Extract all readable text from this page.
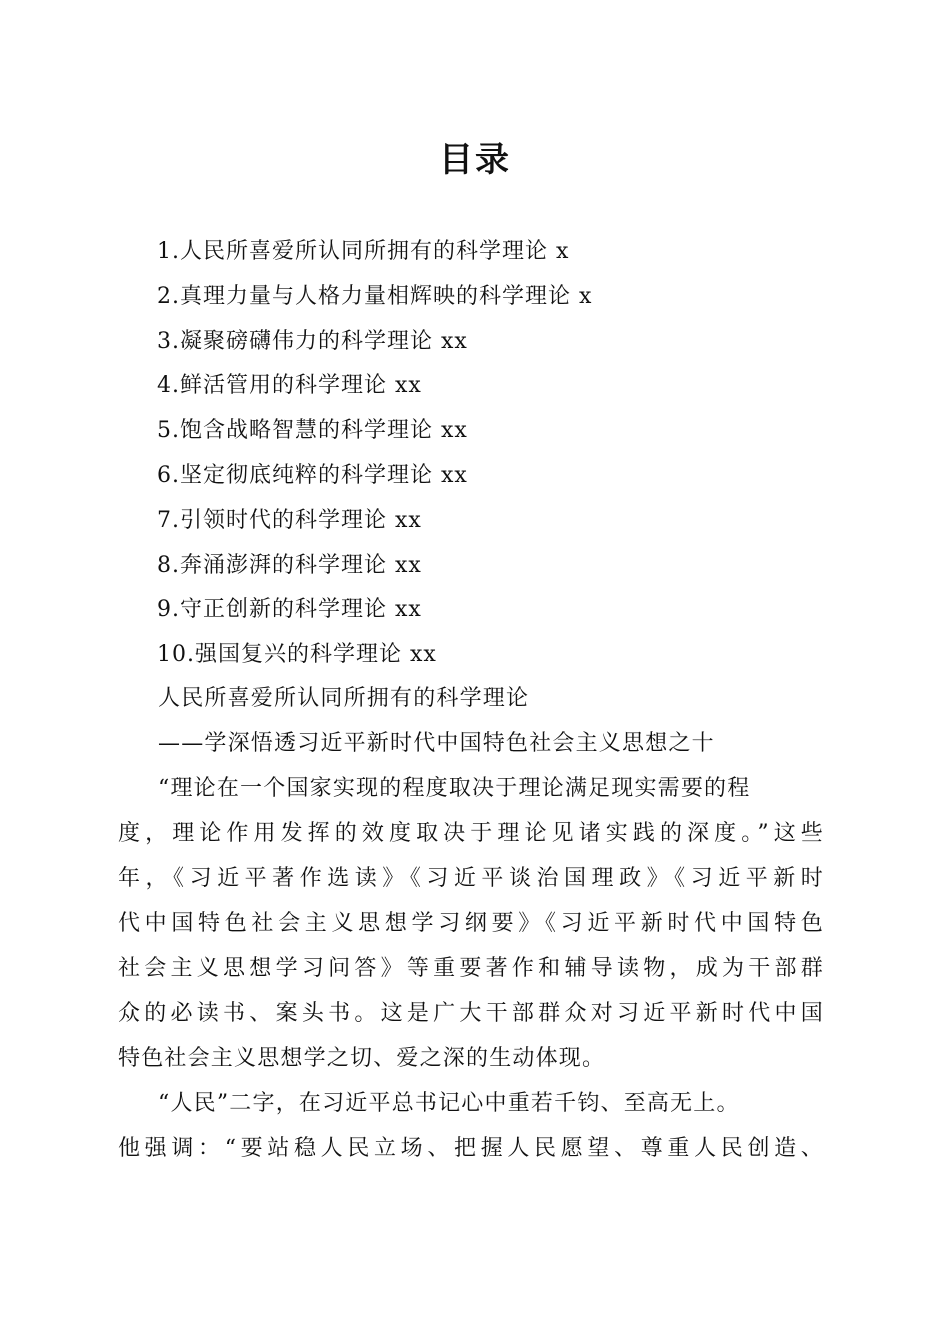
目录
1.人民所喜爱所认同所拥有的科学理论 x
2.真理力量与人格力量相辉映的科学理论 x
3.凝聚磅礴伟力的科学理论 xx
4.鲜活管用的科学理论 xx
5.饱含战略智慧的科学理论 xx
6.坚定彻底纯粹的科学理论 xx
7.引领时代的科学理论 xx
8.奔涌澎湃的科学理论 xx
9.守正创新的科学理论 xx
10.强国复兴的科学理论 xx
人民所喜爱所认同所拥有的科学理论
——学深悟透习近平新时代中国特色社会主义思想之十
“理论在一个国家实现的程度取决于理论满足现实需要的程
度，理论作用发挥的效度取决于理论见诸实践的深度。”这些
年，《习近平著作选读》《习近平谈治国理政》《习近平新时
代中国特色社会主义思想学习纲要》《习近平新时代中国特色
社会主义思想学习问答》等重要著作和辅导读物，成为干部群
众的必读书、案头书。这是广大干部群众对习近平新时代中国
特色社会主义思想学之切、爱之深的生动体现。
“人民”二字，在习近平总书记心中重若千钧、至高无上。
他强调：“要站稳人民立场、把握人民愿望、尊重人民创造、
